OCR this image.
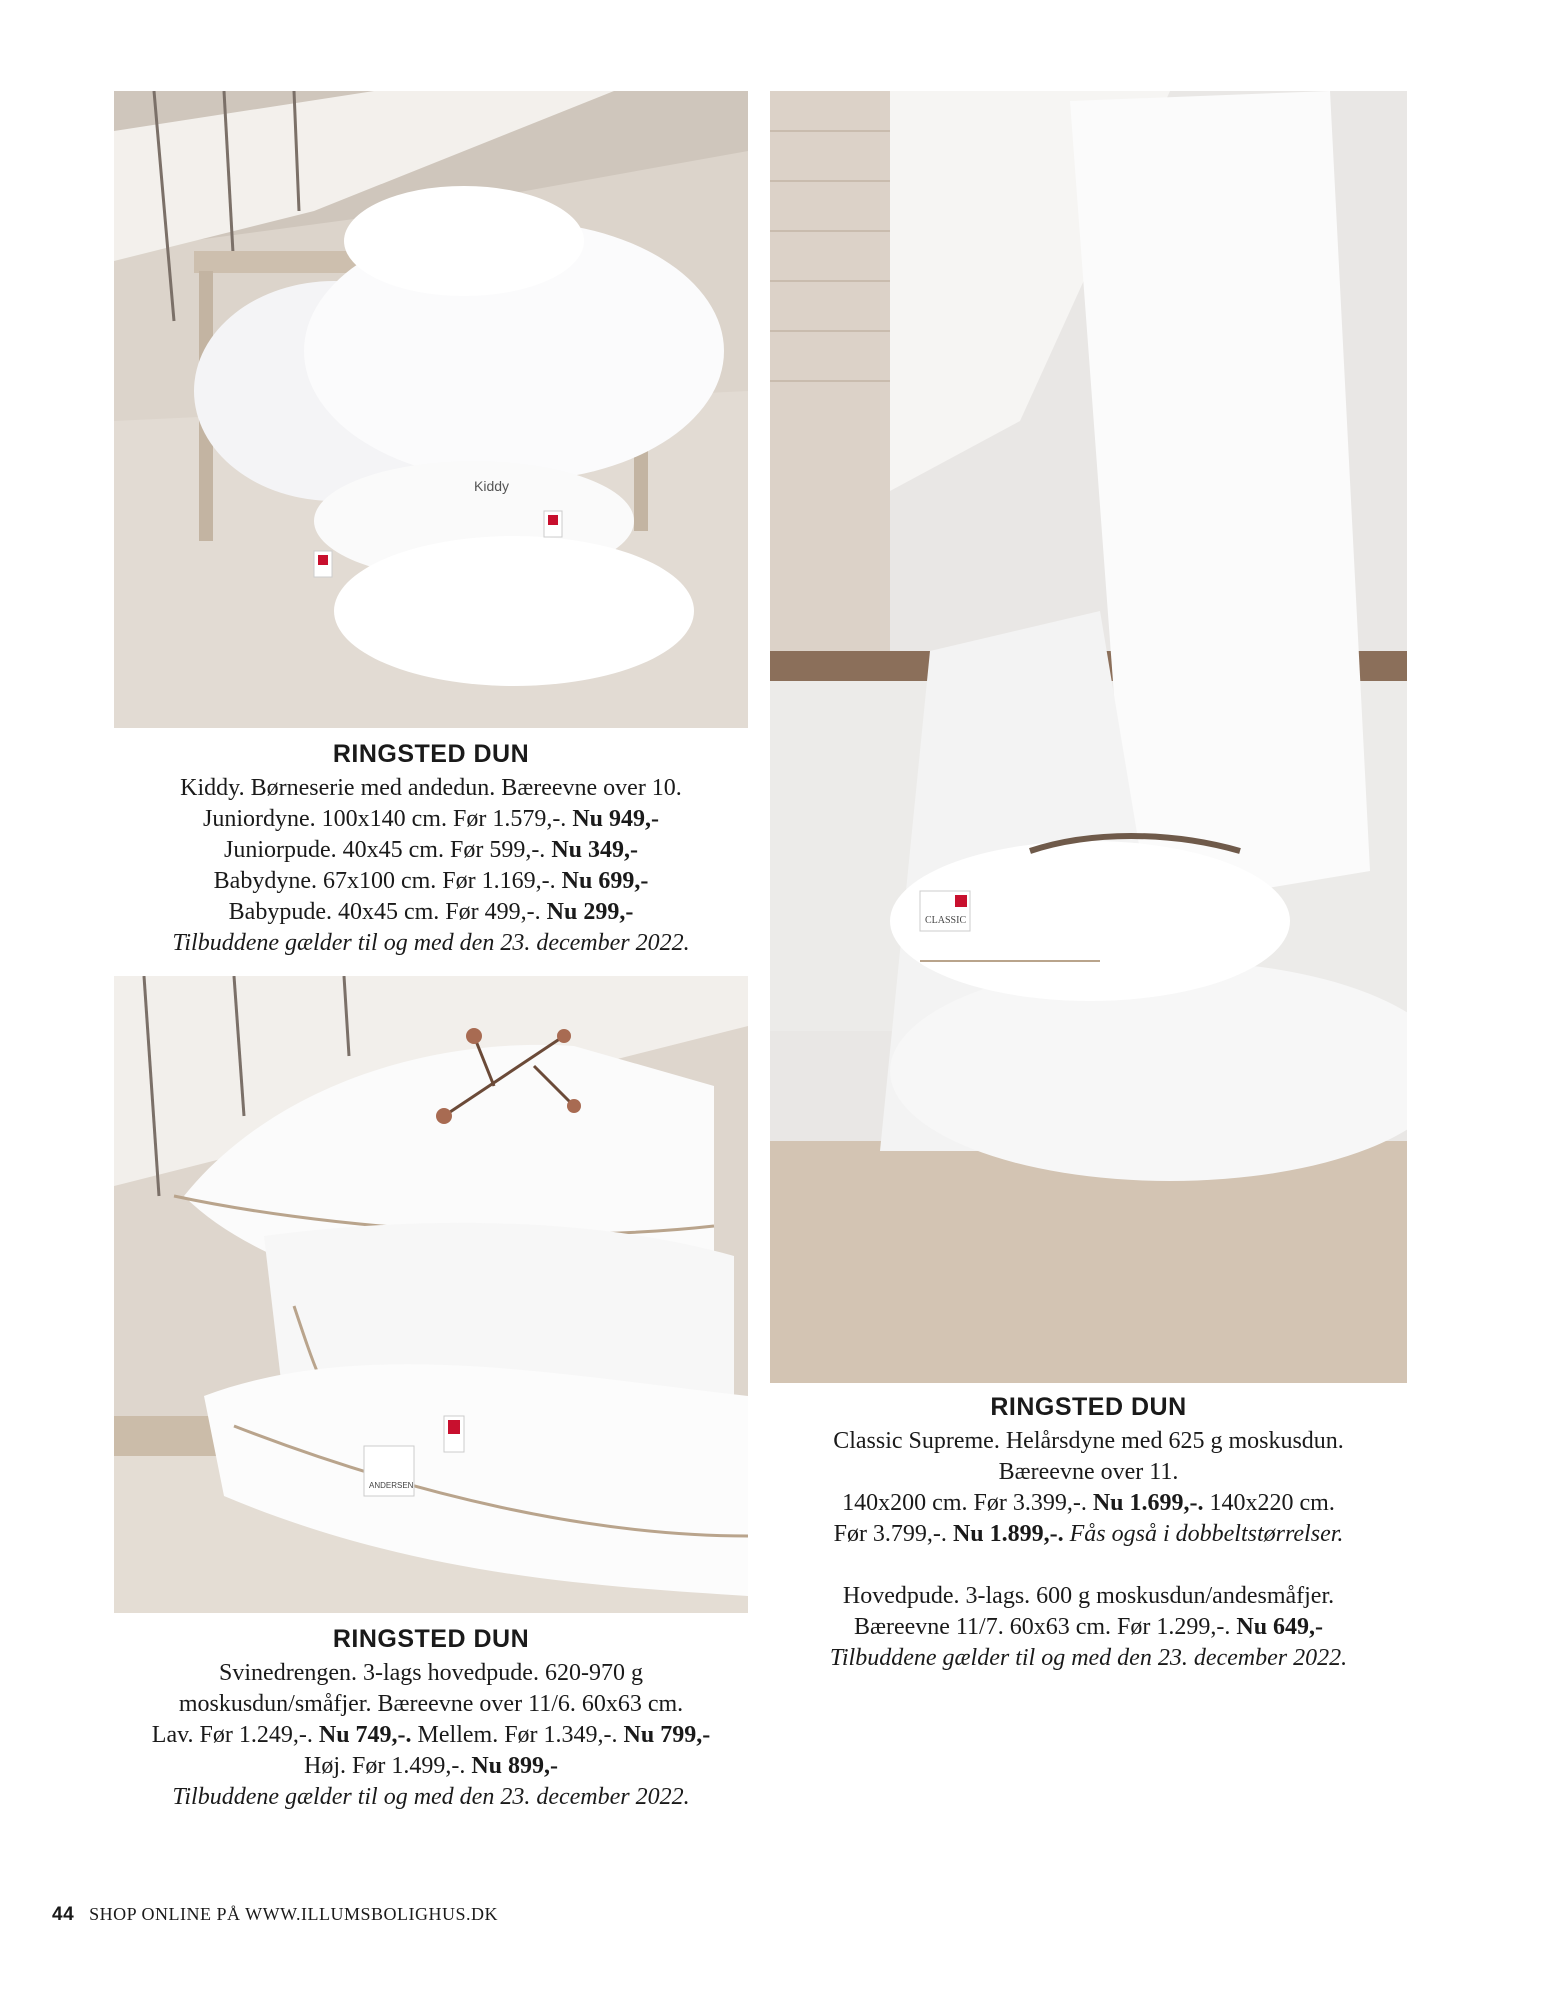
Kiddy
CLASSIC
ANDERSEN

RINGSTED DUN

Kiddy. Børneserie med andedun. Bæreevne over 10.

Juniordyne. 100x140 cm. Før 1.579,-. Nu 949,-

Juniorpude. 40x45 cm. Før 599,-. Nu 349,-

Babydyne. 67x100 cm. Før 1.169,-. Nu 699,-

Babypude. 40x45 cm. Før 499,-. Nu 299,-

Tilbuddene gælder til og med den 23. december 2022.

RINGSTED DUN

Svinedrengen. 3-lags hovedpude. 620-970 g

moskusdun/småfjer. Bæreevne over 11/6. 60x63 cm.

Lav. Før 1.249,-. Nu 749,-. Mellem. Før 1.349,-. Nu 799,-

Høj. Før 1.499,-. Nu 899,-

Tilbuddene gælder til og med den 23. december 2022.

RINGSTED DUN

Classic Supreme. Helårsdyne med 625 g moskusdun.

Bæreevne over 11.

140x200 cm. Før 3.399,-. Nu 1.699,-. 140x220 cm.

Før 3.799,-. Nu 1.899,-. Fås også i dobbeltstørrelser.

Hovedpude. 3-lags. 600 g moskusdun/andesmåfjer.

Bæreevne 11/7. 60x63 cm. Før 1.299,-. Nu 649,-

Tilbuddene gælder til og med den 23. december 2022.

44 SHOP ONLINE PÅ WWW.ILLUMSBOLIGHUS.DK
